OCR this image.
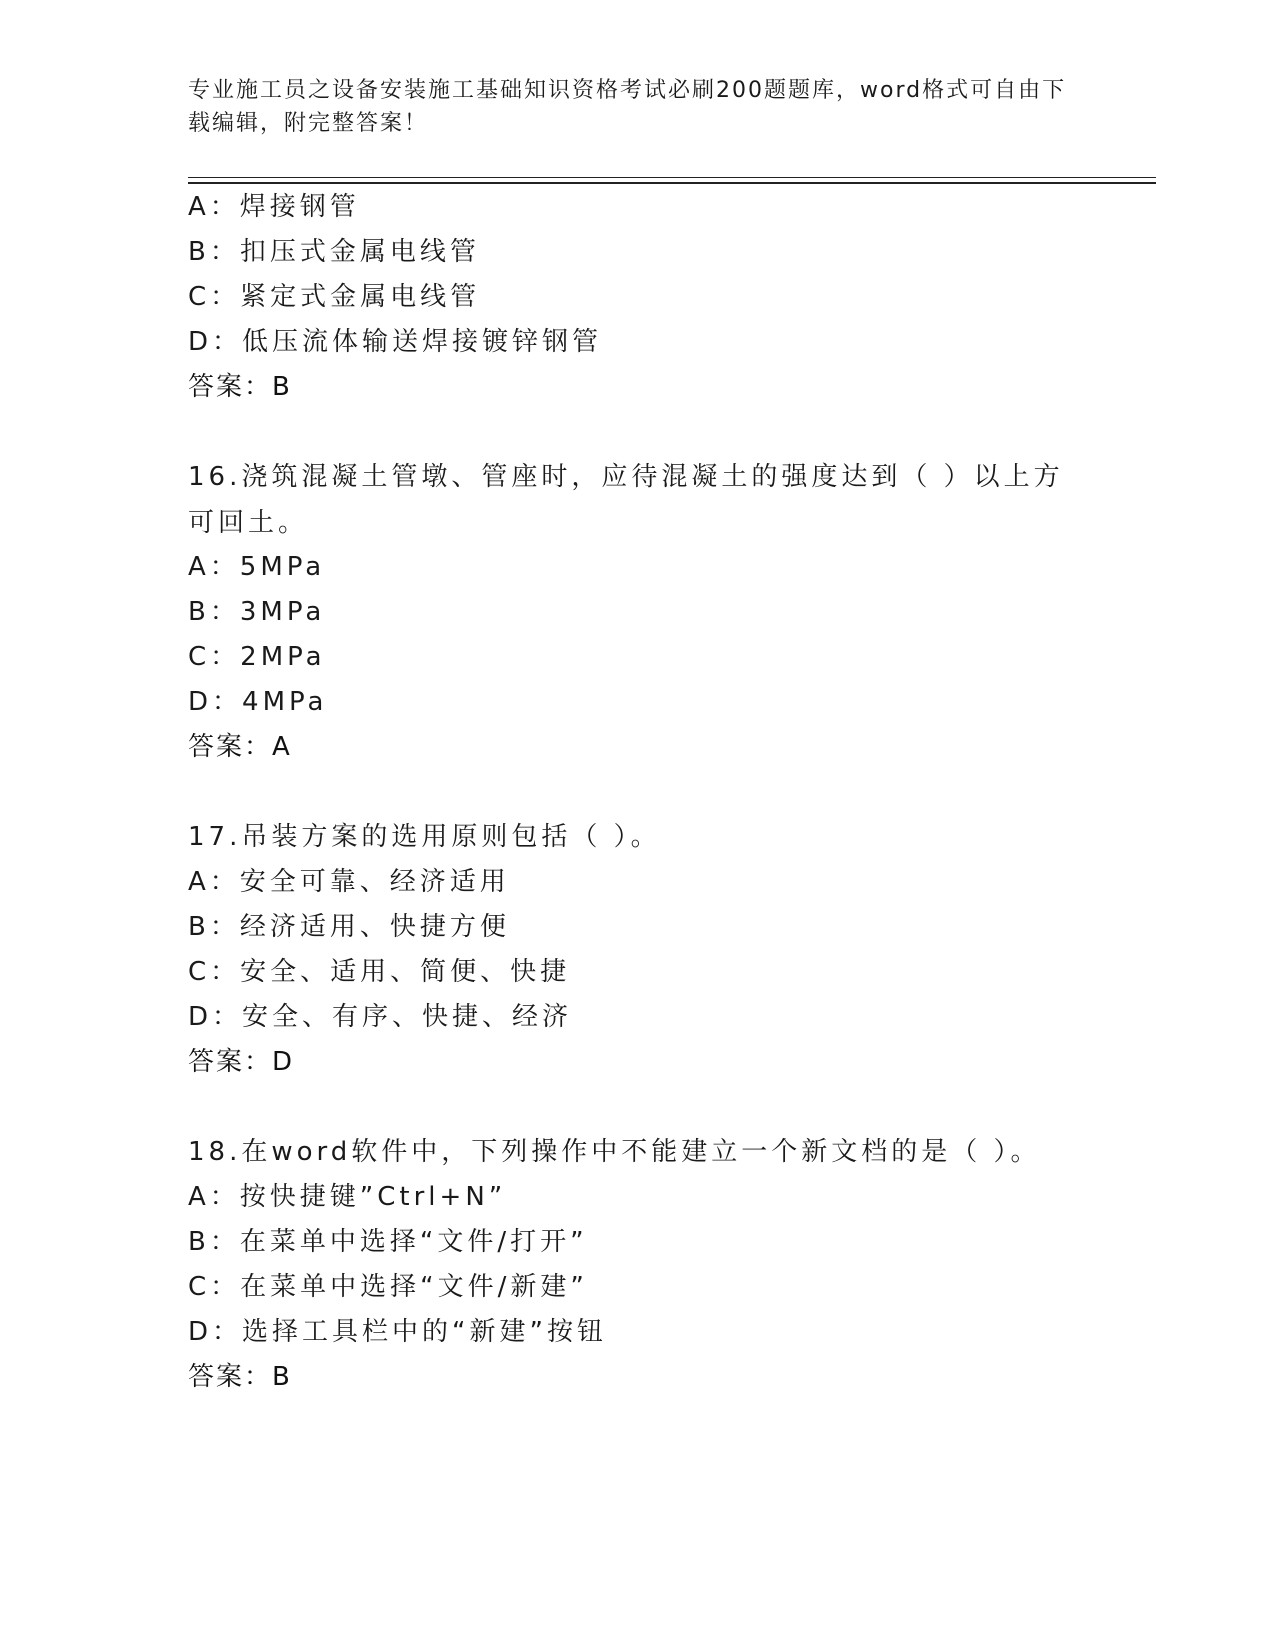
专业施工员之设备安装施工基础知识资格考试必刷200题题库，word格式可自由下载编辑，附完整答案！
A：焊接钢管
B：扣压式金属电线管
C：紧定式金属电线管
D：低压流体输送焊接镀锌钢管
答案：B
16.浇筑混凝土管墩、管座时，应待混凝土的强度达到（ ）以上方可回土。
A：5MPa
B：3MPa
C：2MPa
D：4MPa
答案：A
17.吊装方案的选用原则包括（ ）。
A：安全可靠、经济适用
B：经济适用、快捷方便
C：安全、适用、简便、快捷
D：安全、有序、快捷、经济
答案：D
18.在word软件中，下列操作中不能建立一个新文档的是（ ）。
A：按快捷键”Ctrl+N”
B：在菜单中选择“文件/打开”
C：在菜单中选择“文件/新建”
D：选择工具栏中的“新建”按钮
答案：B
